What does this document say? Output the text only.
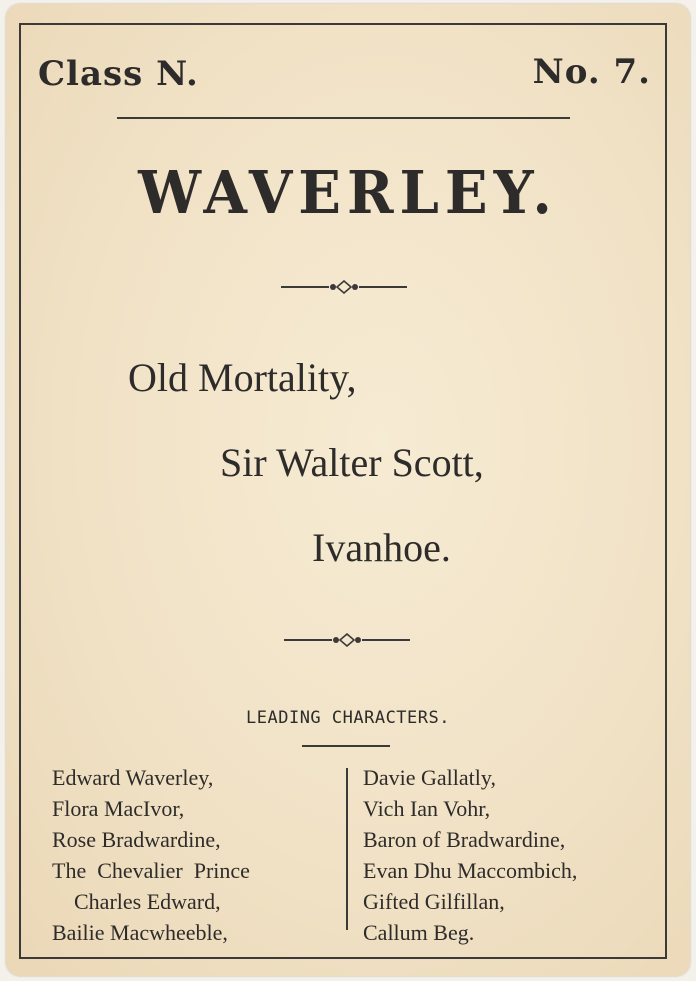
Class N.	No. 7.
WAVERLEY.
Old Mortality,
Sir Walter Scott,
Ivanhoe.
LEADING CHARACTERS.
Edward Waverley,
Flora MacIvor,
Rose Bradwardine,
The  Chevalier  Prince
Charles Edward,
Bailie Macwheeble,
Davie Gallatly,
Vich Ian Vohr,
Baron of Bradwardine,
Evan Dhu Maccombich,
Gifted Gilfillan,
Callum Beg.
